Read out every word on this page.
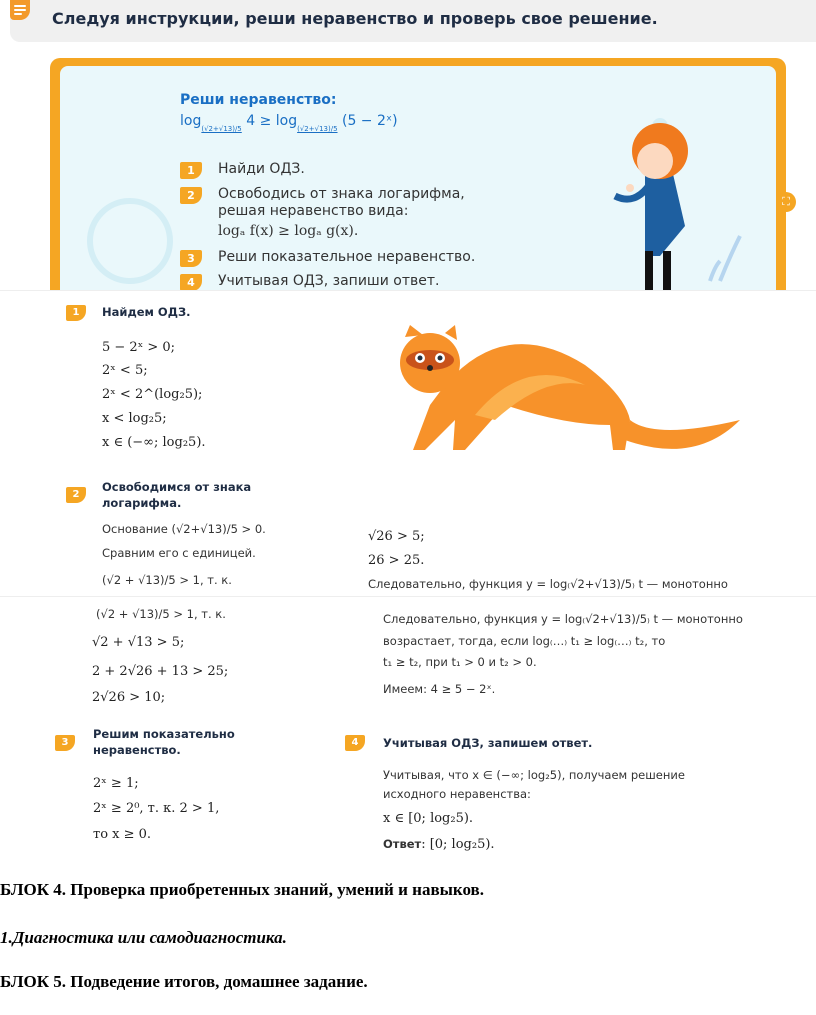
Следуя инструкции, реши неравенство и проверь свое решение.
Реши неравенство:
$\log_{(√2+√13)/5} 4 \ge \log_{(√2+√13)/5} (5$ − 2ˣ)
1	Найди ОДЗ.
2	Освободись от знака логарифма,
решая неравенство вида:
logₐ f(x) ≥ logₐ g(x).
3	Реши показательное неравенство.
4	Учитывая ОДЗ, запиши ответ.
⛶
1	Найдем ОДЗ.
5 − 2ˣ > 0;
2ˣ < 5;
2ˣ < 2^(log₂5);
x < log₂5;
x ∈ (−∞; log₂5).
2
Освободимся от знака
логарифма.
Основание (√2+√13)/5 > 0.
Сравним его с единицей.
(√2 + √13)/5 > 1, т. к.
√26 > 5;
26 > 25.
Следовательно, функция y = log₍√2+√13)/5₎ t — монотонно
(√2 + √13)/5 > 1, т. к.
√2 + √13 > 5;
2 + 2√26 + 13 > 25;
2√26 > 10;
Следовательно, функция y = log₍√2+√13)/5₎ t — монотонно
возрастает, тогда, если log₍…₎ t₁ ≥ log₍…₎ t₂, то
t₁ ≥ t₂, при t₁ > 0 и t₂ > 0.
Имеем: 4 ≥ 5 − 2ˣ.
3
Решим показательно
неравенство.
2ˣ ≥ 1;
2ˣ ≥ 2⁰, т. к. 2 > 1,
то x ≥ 0.
4	Учитывая ОДЗ, запишем ответ.
Учитывая, что x ∈ (−∞; log₂5), получаем решение
исходного неравенства:
x ∈ [0; log₂5).
Ответ: [0; log₂5).
БЛОК 4. Проверка приобретенных знаний, умений и навыков.
1.Диагностика или самодиагностика.
БЛОК 5. Подведение итогов, домашнее задание.
